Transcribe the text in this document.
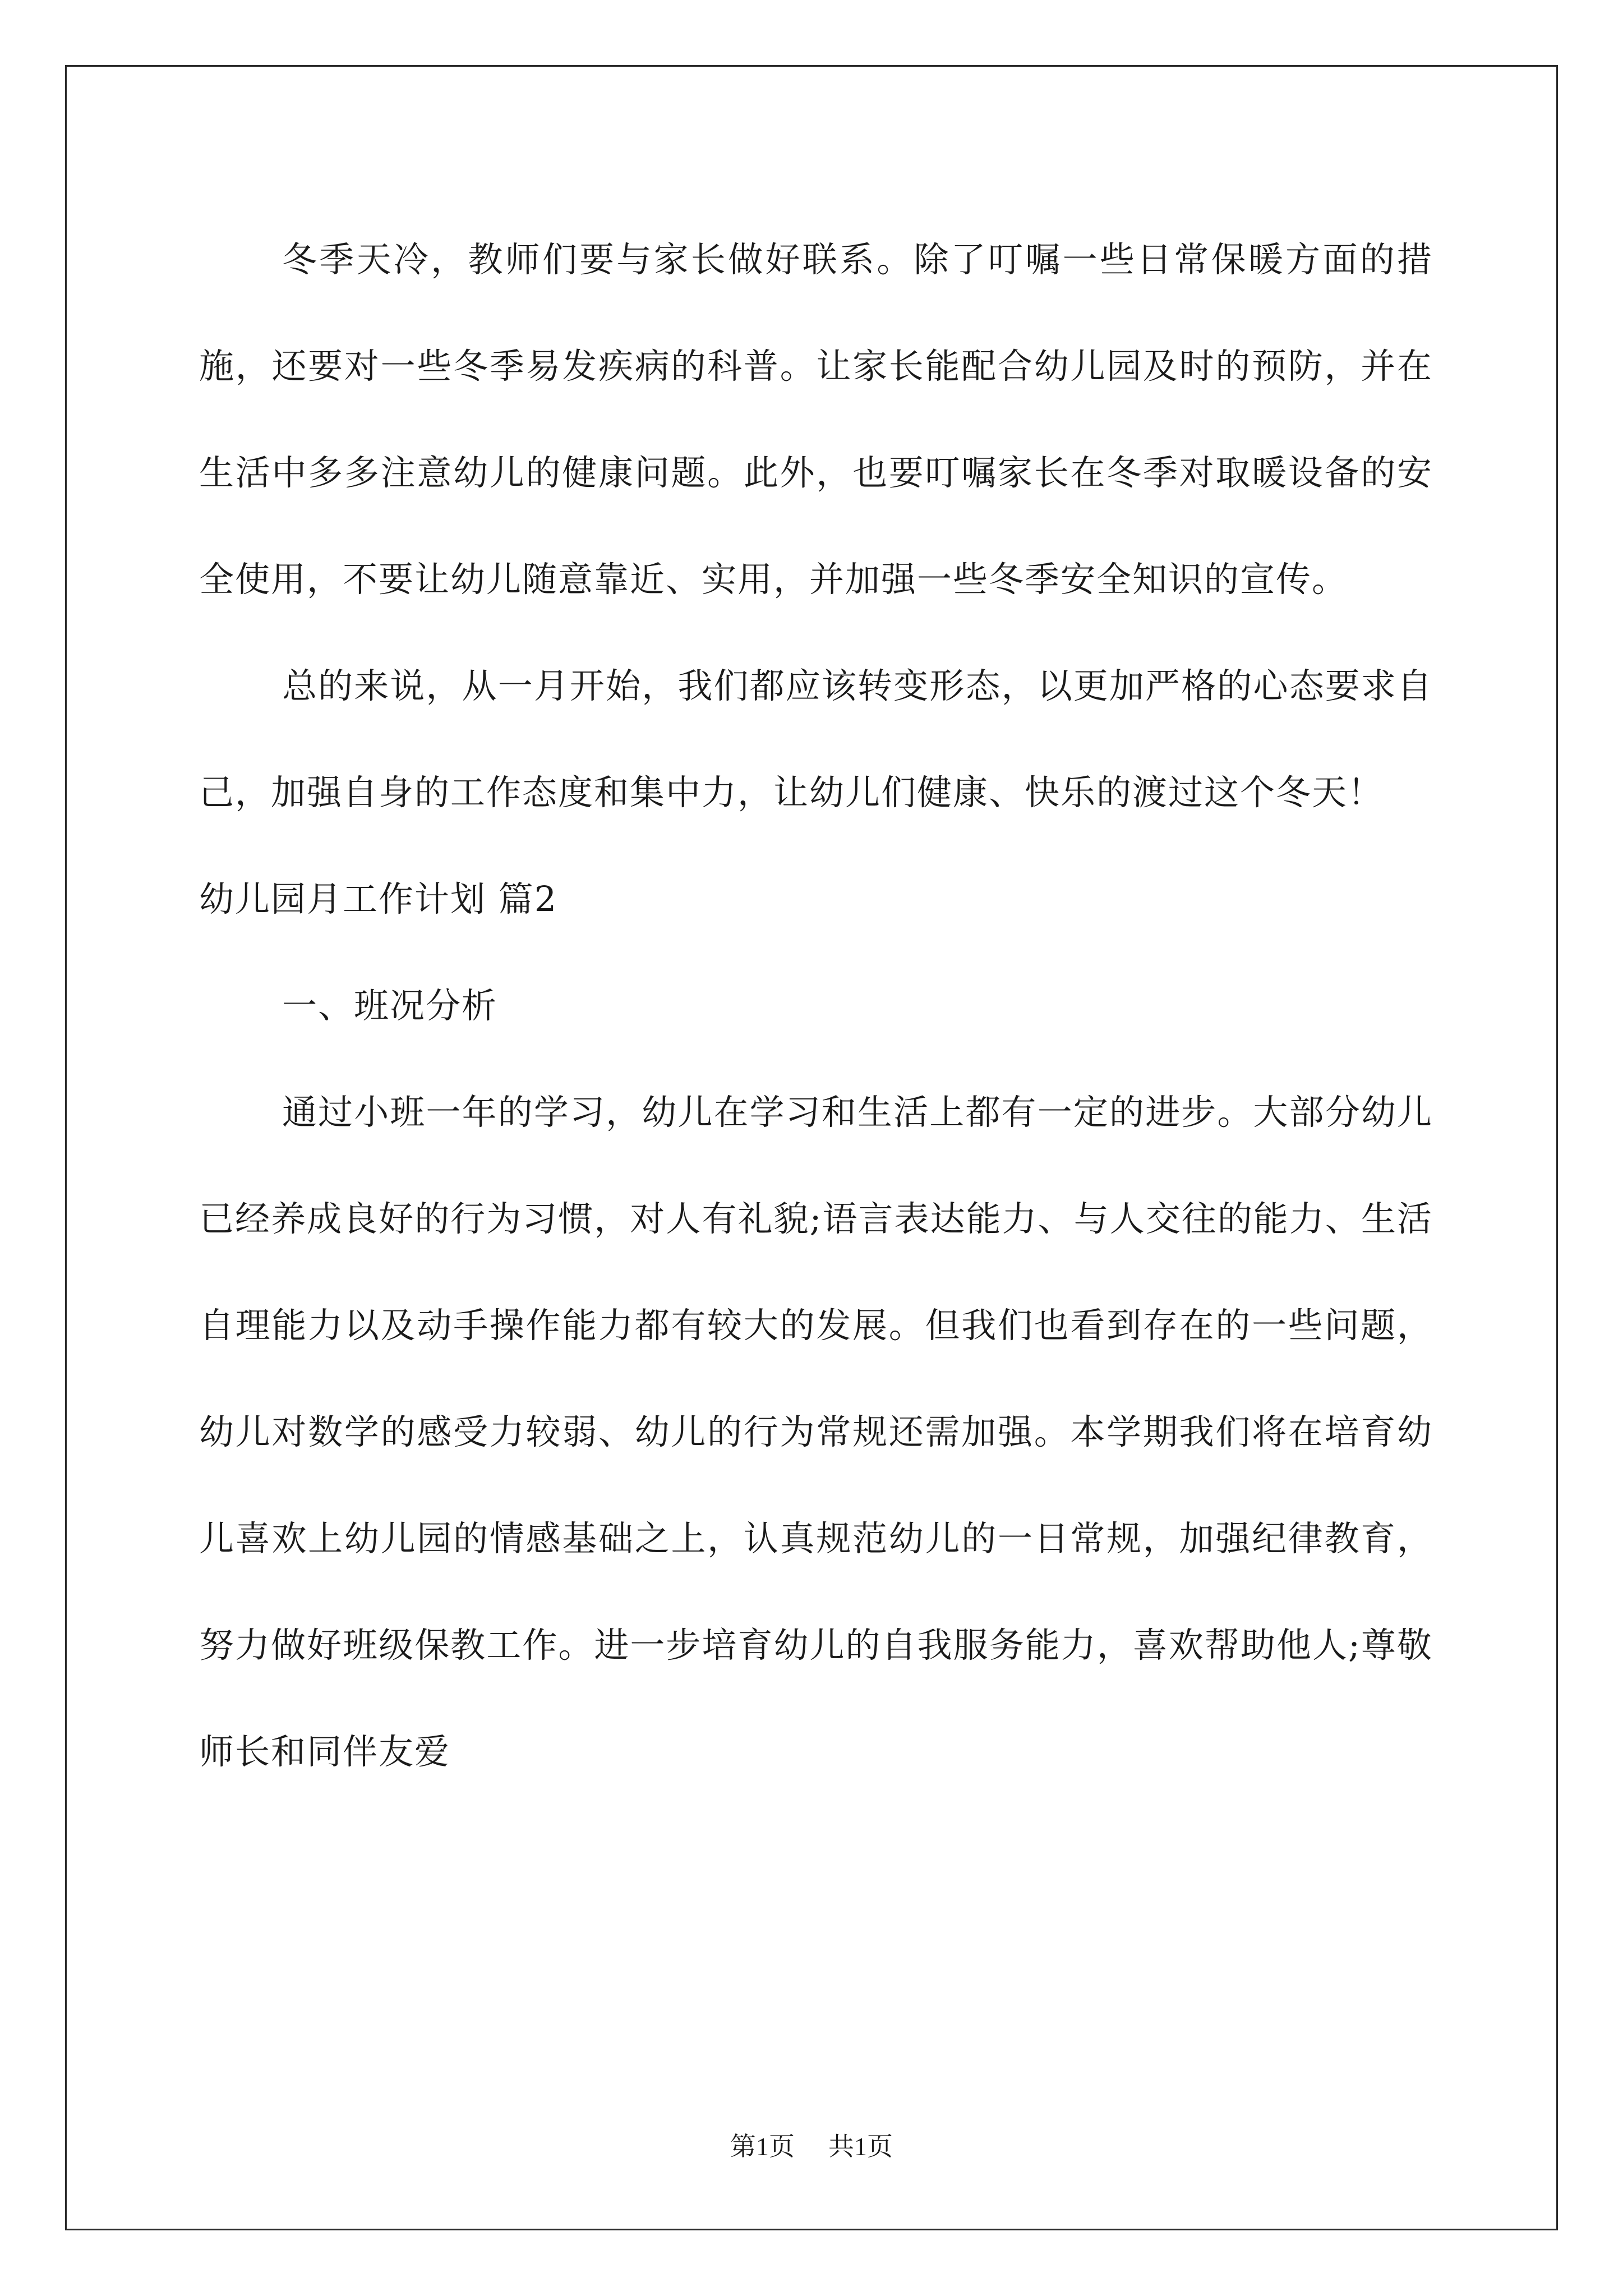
冬季天冷，教师们要与家长做好联系。除了叮嘱一些日常保暖方面的措施，还要对一些冬季易发疾病的科普。让家长能配合幼儿园及时的预防，并在生活中多多注意幼儿的健康问题。此外，也要叮嘱家长在冬季对取暖设备的安全使用，不要让幼儿随意靠近、实用，并加强一些冬季安全知识的宣传。

总的来说，从一月开始，我们都应该转变形态，以更加严格的心态要求自己，加强自身的工作态度和集中力，让幼儿们健康、快乐的渡过这个冬天！

幼儿园月工作计划 篇2

一、班况分析

通过小班一年的学习，幼儿在学习和生活上都有一定的进步。大部分幼儿已经养成良好的行为习惯，对人有礼貌;语言表达能力、与人交往的能力、生活自理能力以及动手操作能力都有较大的发展。但我们也看到存在的一些问题，幼儿对数学的感受力较弱、幼儿的行为常规还需加强。本学期我们将在培育幼儿喜欢上幼儿园的情感基础之上，认真规范幼儿的一日常规，加强纪律教育，努力做好班级保教工作。进一步培育幼儿的自我服务能力，喜欢帮助他人;尊敬师长和同伴友爱

第1页 共1页
